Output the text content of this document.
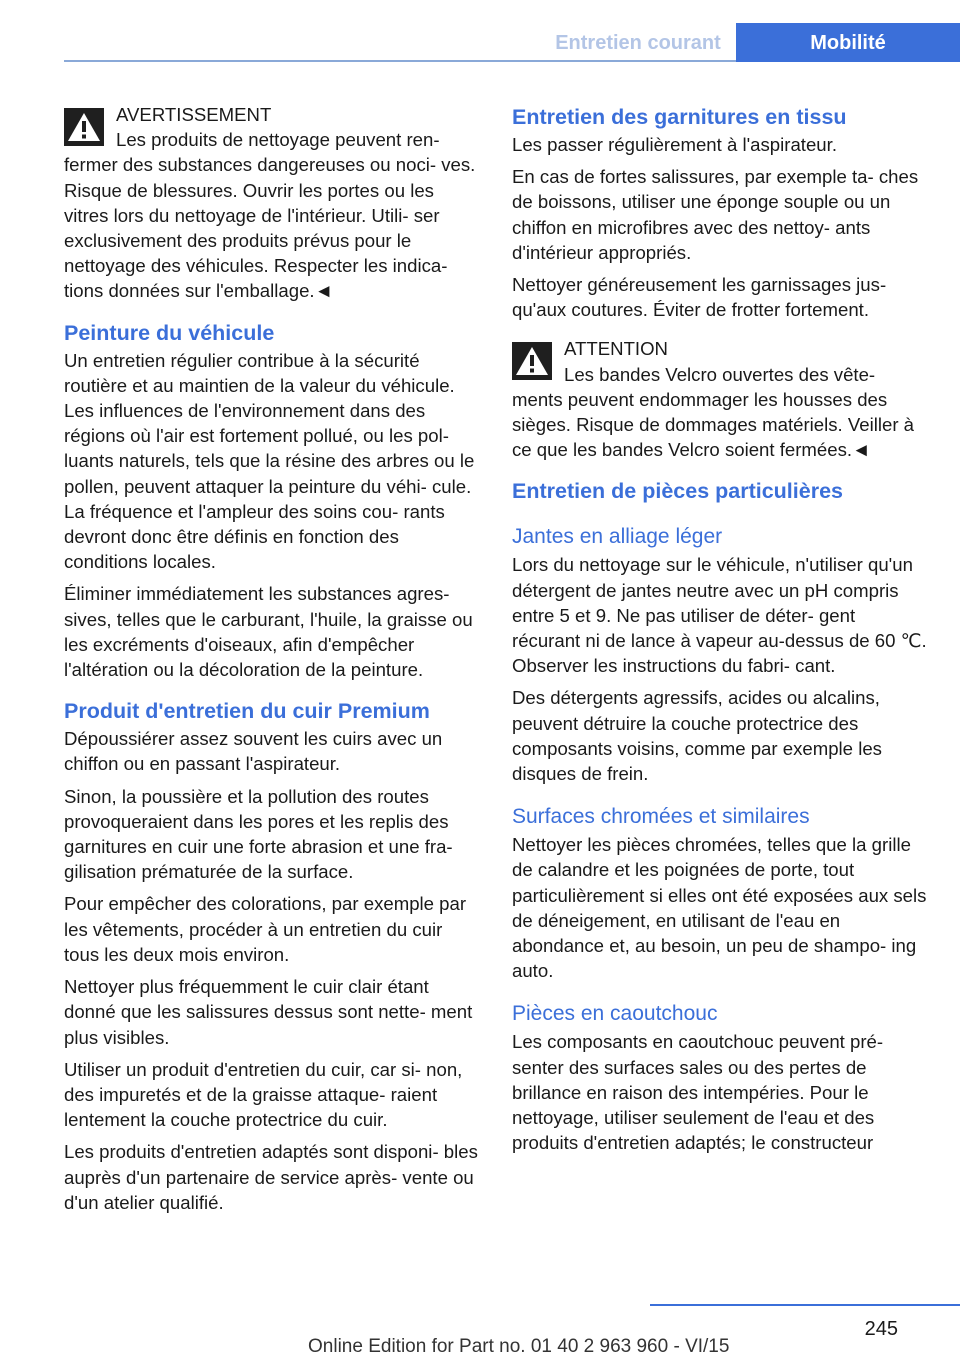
Entretien courant	Mobilité
AVERTISSEMENT
Les produits de nettoyage peuvent ren‐
fermer des substances dangereuses ou noci‐ ves. Risque de blessures. Ouvrir les portes ou les vitres lors du nettoyage de l'intérieur. Utili‐ ser exclusivement des produits prévus pour le nettoyage des véhicules. Respecter les indica‐ tions données sur l'emballage.◄
Peinture du véhicule

Un entretien régulier contribue à la sécurité routière et au maintien de la valeur du véhicule. Les influences de l'environnement dans des régions où l'air est fortement pollué, ou les pol‐ luants naturels, tels que la résine des arbres ou le pollen, peuvent attaquer la peinture du véhi‐ cule. La fréquence et l'ampleur des soins cou‐ rants devront donc être définis en fonction des conditions locales.

Éliminer immédiatement les substances agres‐ sives, telles que le carburant, l'huile, la graisse ou les excréments d'oiseaux, afin d'empêcher l'altération ou la décoloration de la peinture.

Produit d'entretien du cuir Premium

Dépoussiérer assez souvent les cuirs avec un chiffon ou en passant l'aspirateur.

Sinon, la poussière et la pollution des routes provoqueraient dans les pores et les replis des garnitures en cuir une forte abrasion et une fra‐ gilisation prématurée de la surface.

Pour empêcher des colorations, par exemple par les vêtements, procéder à un entretien du cuir tous les deux mois environ.

Nettoyer plus fréquemment le cuir clair étant donné que les salissures dessus sont nette‐ ment plus visibles.

Utiliser un produit d'entretien du cuir, car si‐ non, des impuretés et de la graisse attaque‐ raient lentement la couche protectrice du cuir.

Les produits d'entretien adaptés sont disponi‐ bles auprès d'un partenaire de service après- vente ou d'un atelier qualifié.

Entretien des garnitures en tissu

Les passer régulièrement à l'aspirateur.

En cas de fortes salissures, par exemple ta‐ ches de boissons, utiliser une éponge souple ou un chiffon en microfibres avec des nettoy‐ ants d'intérieur appropriés.

Nettoyer généreusement les garnissages jus‐ qu'aux coutures. Éviter de frotter fortement.

ATTENTION
Les bandes Velcro ouvertes des vête‐
ments peuvent endommager les housses des sièges. Risque de dommages matériels. Veiller à ce que les bandes Velcro soient fermées.◄
Entretien de pièces particulières
Jantes en alliage léger

Lors du nettoyage sur le véhicule, n'utiliser qu'un détergent de jantes neutre avec un pH compris entre 5 et 9. Ne pas utiliser de déter‐ gent récurant ni de lance à vapeur au-dessus de 60 ℃. Observer les instructions du fabri‐ cant.

Des détergents agressifs, acides ou alcalins, peuvent détruire la couche protectrice des composants voisins, comme par exemple les disques de frein.

Surfaces chromées et similaires

Nettoyer les pièces chromées, telles que la grille de calandre et les poignées de porte, tout particulièrement si elles ont été exposées aux sels de déneigement, en utilisant de l'eau en abondance et, au besoin, un peu de shampo‐ ing auto.

Pièces en caoutchouc

Les composants en caoutchouc peuvent pré‐ senter des surfaces sales ou des pertes de brillance en raison des intempéries. Pour le nettoyage, utiliser seulement de l'eau et des produits d'entretien adaptés; le constructeur

245
Online Edition for Part no. 01 40 2 963 960 - VI/15
